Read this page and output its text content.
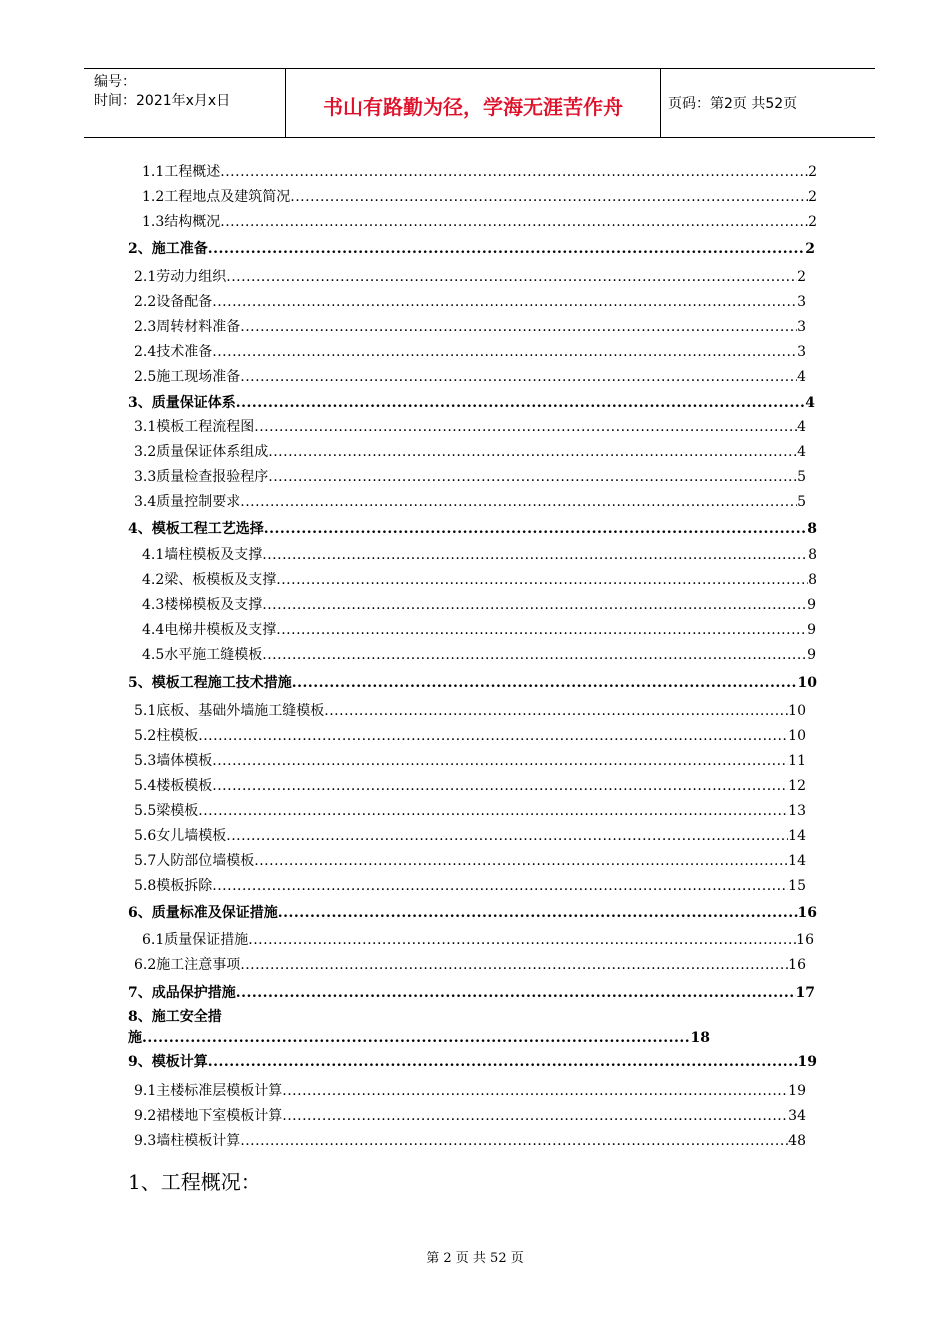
编号：
时间：2021年x月x日	书山有路勤为径，学海无涯苦作舟	页码：第2页 共52页
1.1工程概述 .....	2
1.2工程地点及建筑简况 .....	2
1.3结构概况 .....	2
2、施工准备 .....	2
2.1劳动力组织 .....	2
2.2设备配备 .....	3
2.3周转材料准备 .....	3
2.4技术准备 .....	3
2.5施工现场准备 .....	4
3、质量保证体系 .....	4
3.1模板工程流程图 .....	4
3.2质量保证体系组成 .....	4
3.3质量检查报验程序 .....	5
3.4质量控制要求 .....	5
4、模板工程工艺选择 .....	8
4.1墙柱模板及支撑 .....	8
4.2梁、板模板及支撑 .....	8
4.3楼梯模板及支撑 .....	9
4.4电梯井模板及支撑 .....	9
4.5水平施工缝模板 .....	9
5、模板工程施工技术措施 .....	10
5.1底板、基础外墙施工缝模板 .....	10
5.2柱模板 .....	10
5.3墙体模板 .....	11
5.4楼板模板 .....	12
5.5梁模板 .....	13
5.6女儿墙模板 .....	14
5.7人防部位墙模板 .....	14
5.8模板拆除 .....	15
6、质量标准及保证措施 .....	16
6.1质量保证措施 .....	16
6.2施工注意事项 .....	16
7、成品保护措施 .....	17
8、施工安全措
施 .....	18
9、模板计算 .....	19
9.1主楼标准层模板计算 .....	19
9.2裙楼地下室模板计算 .....	34
9.3墙柱模板计算 .....	48
1、工程概况：
第 2 页 共 52 页
